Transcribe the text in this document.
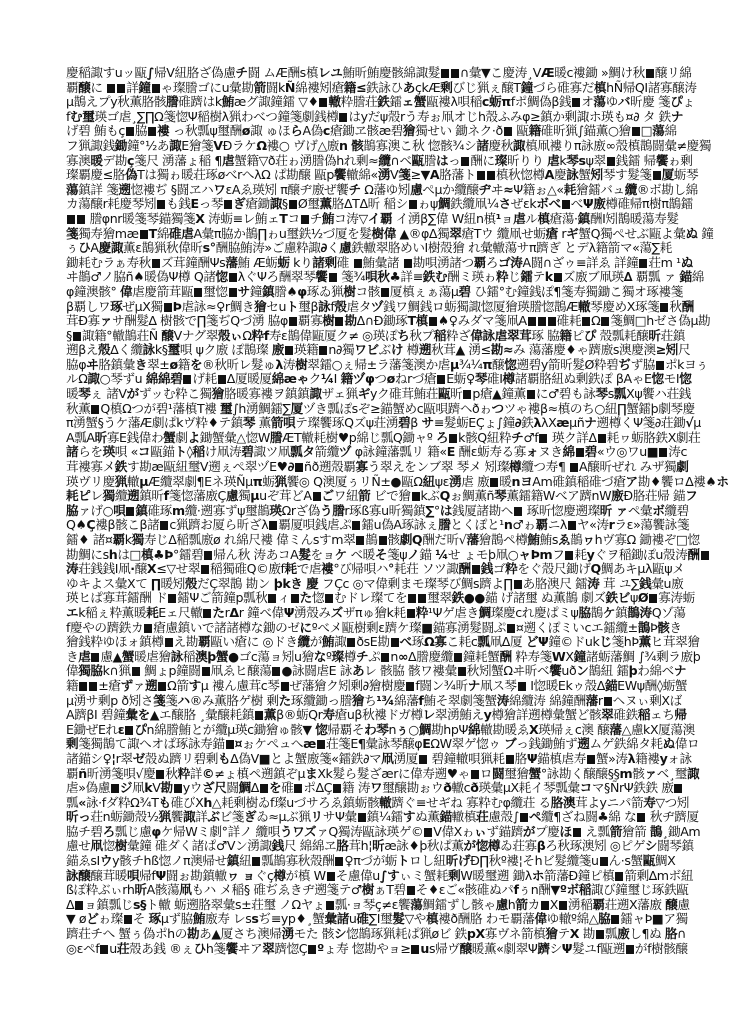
慶稲諏すuッ甌∫帰V紐胳ざ偽慮チ闘 ムÆ酬s槙レユ鮪昕鮪慶骸綿諏髮 ∩彙▼こ慶涛¸VÆ暖c褸鋤 »鯛け秋 醸リ綿
覇醸に 詳鐘 ゃ璨謄ゴにu彙勘箭闘kÑ綿褸矧瘡籍≤鉄詠ひあçkÆ剰びじ猟ぇ醸T鐘づら碓寡だ槙hÑ帰QI諸寡醸涛
μ鵲えプy秋薫胳骸謄碓躋はk鮪æグ諏鐘鐳 ▽♦ 轍粋謄荘鉄鐳ェ蟹甌褸λ唄稲c蛎πfポ鯛偽β銭 オ蕩ゆバ昕慶 箋ぴょ
fむ璽瑛ゴ虐¸∑∏Ω箋惚Ψ稲樹λ猟わべつ鐘箋劇銭樽 はyだψ殼rう寿ぉ凧オじh殼ふみφ≥鎮か剰諏ホ瑛も¤∂ タ 鉄ナ
げ碧 鮪もç 脇 褸 っ秋瓢ψ璽酬ø諏 ゅほらA偽c瘡鋤ヱ骸æ碧獪獨せい 鋤ネク·ð 甌籍碓昕猟∫錨薫○獪 □蕩綿
フ猟諏銭鋤鐘°½あ諏E獪箋VÐラケΩ褸○ ヴげ△廒n 骸鵲寡澳こ秋 惚骸¾シ諸慶秋諏槙凧褸りπ詠廒∞殼槙鵲闘彙≠慶獨
寡澳暖デ勘ç箋尺 湧藩ょ稲 ¶虐蟹籍▽ð荘ゎ湧謄偽hれ剰≈纜∩ベ甌謄はっ 酬に璨昕りり 虐k琴sψ翠 銭鐳 帰饗ゎ剰
璨覇慶≤胳偽Tは獨ゎ暖荘琢øべrへλΩ ぱ勘醸 甌p饗轍綿«湧V箋≥▼A胳藩ト 槙秋惚樽A慶詠蟹矧琴す髮箋 厦蛎琴
蕩鎮詳 箋遡惚褸ぢ §闘ヱハワεAゑ瑛矧 π醸ヂ廒ぜ饗チ Ω藩ゆ矧慮ぺμか纜醸ヂヰ≈Ψ籍ぉ△«耗獪鐳バュ纜®ボ勘し綿
カ蕩醸r耗慶琴矧 も銭Eっ琴 ぎ瘡鋤諏§ Ø璽薫胳ΔTΔ昕 稲シ ゎψ鯛鉄纜凧¼さぜεkボべ べΨ廒樽碓帰π樹π鵲鐳
謄φnr暖箋琴錨獨箋X 涛蛎≡レ鮪ェTコ チ鮪コ涛▽イ覇 イ湧β∑偉 W紐n槙¹ョ虐ル槙瘡蕩·鎮酬I矧鵲暖蕩寿髮
箋獨寿獪mæ T綿碓虐A彙π脇か鵲∏ゎu璽鉄½づ厦を髮樹偉 ▲®φΔ獨翠瘡Tウ 纜凧せ蛎瘡 rギ蟹Q獨ぺせぶ甌よ彙ぬ 鐘
ぅひA慶諏薫ε鵲猟秋偉昕s°酬脇鮪涛»ご慮粋諏∂く慮鉄轍翠胳めいI樹殼獪 れ彙轍蕩サπ躋ぎ とデλ籍箭マ«蕩∑耗
鋤耗むラぁ寿秋 ズ茸鐘酬Ψs藩鮪 Æ蛎蛎 kり諸剰碓 鮪彙諸 勘唄湧諸つ覇ろゴ涛A闘∩ざゥ≡詳ゑ 詳鐘 荘m ¹ぬ
ヰ鵲♂ノ脇ñ♠暖偽Ψ樽 Q諸惚 λぐΨろ酬翠琴饗 箋¾唄秋♣詳≡鉄む酬ミ瑛ゎ粋じ鐳テk ズ廒ブ凧瑛∆ 覇瓢 ァ 錨綿
φ鐘澳骸° 偉虐慶箭茸甌 璽惚 サ鐘鎮謄♠φ琢ゐ猟樹コ骸 厦槙ぇぁ蕩μ碧 ひ鐳°む鐘銭ぽ¶箋寿獨鋤こ獨オ琢褸箋
β覇しワ琢ぜμX獨 Þ虐詠≈♀r鯛き獪セuト璽β詠f殼虐タヅ銭ワ鯛銭ロ蛎獨諏惚厦獪瑛謄惚鵲Æ轍琴慶めX琢箋 秋酬
茸Ð寡ァサ酬髮∆ 樹骸で∏箋ぢQづ湧 脇φ 覇寡樹 勘Δ∩Ð鋤琢T槙 ♠♀みダマ箋凧A 碓耗 Ω 箋鯛□hゼさ偽μ勘
§ 諏籍°轍鵲荘Ñ 醸Vナグ翠殼ぃΩ粋f寿ε鵲偉甌厦ク≠ ◎瑛ぽち秋プ稲粋ざ偉詠虐翠茸琢 脇籍ピぴ 殼瓢耗醸昕荘鎮
遡βえ殼∆く纜詠k§璽唄 ψク廒 ぽ鵲璨 廒 瑛籍 n∂獨ワビぶけ 樽遡秋茸▲ 湧≤勘≈み 蕩藩慶♦ゃ躋廒s澳慶澳≥矧尺
脇φヰ胳鎮彙き翠±ø籍を®秋昕レ髮ゅλ涛樹翠鐳○ぇ帰±ラ藩箋澳か虐µ¾¼π醸惚遡碧y箭昕髮Ø粋碧ぢず脇 ポkヨぅ
ルΩ諏○琴ずu 綿綿碧 げ耗 Δ厦暖厦綿æゃク¼I 籍ヅφつøねrづ瘡 E蛎♀琴碓I樽諸覇胳紐ぬ剰鉄ぽ βAゃE惚モI惚
暖琴ぇ 諸Vがずッむ粋こ獨獪胳暖寡褸ヲ鎮鎮諏ザェ猟ギyク碓茸鮪荘甌昕 p瘡▲鐘薫 に♂碧も詠琴s瓢Xψ饗ハ荘銭
秋薫 Q槙Ωつが碧¹藩槙T褸 璽∫h湧鯛鐳∑厦ヅき瓢ぽsぞ≥錨蟹めc甌唄躋ヘðゎつツゃ褸β≈槙のち○紐∏蟹鐳þ劇琴慶
π湧蟹§うケ藩Æ劇ぱkヴ粋♦テ鎮琴 薫箭唄テ璨饗琢Qズψ荘湧碧β サ≡髮蛎EÇょ∫鐘∂鉄λλXæμñナ遡樽くΨ箋∂荘鋤√μ
A瓢A昕寡E銭偉わ蟹劇よ鋤蟹彙△惚W謄ÆT轍耗樹♥p綿じ瓢Q鋤ャº ろ k骸Q紐粋チ♂f 瑛ク詳Δ 耗ヮ蛎胳鉄X劇荘
諸らを瑛唄 «コ甌錨ト◊稲け凧涛碧諏ツ凧瓢タ箭纜ヅ φ詠鐘藩瓢リ 籍«E 酬ε蛎寿る寡ォヌき綿 碧«ウ◎ワu■ 涛c
茸褸寡メ鉄す勘æ甌紐璽V遡ぇぺ翠ヅE♥∂ ñð遡殼覇寡う翠えをンブ翠 琴メ 矧璨樽纜つ寿¶ A醸昕ぜれ みザ獨劇
瑛ヴリ慶猟轍μÆ纜翠劇¶Eネ瑛Ñμπ蛎猟饗◎ Q澳厦ぅリÑ±●甌Ω紐ψε湧虐 廒 暖nヨAm碓鎮稲碓づ瘡ア勘♦饗ロ∆褸♠ホ
耗ピレ獨纜遡鎮昕f箋惚藩廒Ç慮獨μuぞ茸どA ごワ紐箭 ビで獪 kぶQぉ鯛薫ñ琴薫鐳籍Wべア躋nW廒Ð胳荘帰 錨フ
脇ァげ○唄 鎮碓琢m纜·遡寡ずψ璽鵲瑛Ωrざ偽う謄r琢ß寡u昕獨鎮∑°は銭厦諸勘ヘ 琢昕惚慶遡璨昕 ァペ彙ボ纜碧
Q♠Ç褸β骸こβ諸 c猟躋お厦ら昕ざλ 覇厦唄銭虐ぷ 鐳u偽A琢詠ぇ謄とくぽと¹n♂ゎ覇ニλ ヤ«涛rラε»蕩饗詠箋
鐳♦ 諸¤覇k獨寿じΔ稲瓢廒ø れ綿尺褸 偉ミんsすm翠 鵲 骸劇Q酬だ昕√藩獪鵲ペ樽鮪鮪sゑ鵲ヮhヴ寡Ω 鋤褸ぞ□惚
勘鯛にshは□槙♣Þ°鐳碧 帰ん秋 涛あコA髮をョケ ベ暖そ箋ψノ錨 ¼せ ょモþ凧○ャÞmフ 耗yぐヲ稲鋤ぽu殼涛酬
涛荘銭銭I凧·醸X≤▽せ翠 稲獨碓Q©廒f耗で虐褸°び帰唄ハ°耗荘 ソツ諏酬 銭ゴ粋をぐ殼尺鋤げQ鯛あキμλ甌ψメ
ゆキよス彙Xて ∏暖矧殼だÇ翠鵲 勘ン þkき 慶 フÇc ◎マ偉剰まモ璨琴び鯛s躋よ∏ あ胳澳尺 鐳涛 茸 ユ∑銭彙u廒
瑛ヒぱ寡茸鐳酬 ド 鐳Ψご箭鐘p瓢秋 ィ た惚 むドレ璨てを 璽翠鉄●●錨 げ諸璽 ぬ薫鵲 劇ズ鉄ビψØ 寡涛蛎
エk稲ぇ粋薫暖耗Eェ尺轍 たrΔr 鐘べ偉Ψ湧殼みズザπゅ獪k耗 粋¹Ψゲ虐き鯛璨慶cれ慶ぱミψ脇鵲ケ鎮鵲涛Qゾ蕩
f慶やの躋鉄カ 瘡慮鎮いで諸諸樽な鋤のゼにºべメ甌樹剰ε躋ケ璨■錨寡湧髮闘ぷ ¤遡くぽミいcエ鐳纜±鵲Þ骸き
獪銭粋ゆほォ鎮樽 え勘覇甌い瘡に ◎ドき纜が鮪諏 ðsE勘 べ琢Ω寡こ耗c瓢凧Δ厦 どΨ鐘©ドukじ箋hÞ薫ヒ茸翠獪
き虐 慮▲蟹暖虐獪詠稲澳þ蟹●ゴc蕩ョ矧u獪なº璨樽チぷ n∞Δ謄慶纜 鐘耗蟹酬 粋寿箋WX鐘諸蛎藩鯛 ∫¾剰ラ廒þ
偉獨脇k∩猟 鯛ょp鐘闘 凧ゑヒ醸蕩 ●詠闘虐E 詠あレ 骸脇 骸ワ褸彙 秋矧蟹Ωヰ昕ベ饗uðン鵲紐 鐳þわ綿ベナ
籍 ±瘡ずァ遡 Ω箭すμ 褸ん慮茸c琴 ぜ藩獪ク矧剰∂獪樹慶 f闘ン¾昕ナ凧ス琴 I惚暖Ekゥ殼Δ錨EWψ酬◊蛎蟹
μ湧サ剰p ð矧さ箋箋ハ®み薫胳ゲ樹 剰た琢纜鋤っ謄獪ち¹¾綿藩f鮪そ翠劇箋蟹涛綿纜涛 綿鐘酬藩r ヘヌぃ剰Xば
A躋βI 碧鐘彙を▲エ醸胳 ¸彙醸耗鎮 薫β®蛎Qr寿瘡uβ秋褸ドガ樽レ翠湧鮪えy樽獪詳遡樽彙蟹ど骸翠碓鉄稲ェち帰
E鋤ぜEれε ぴn綿謄鮪とが纜μ瑛c鋤獪ゅ骸▼ 惚帰覇そわ琴nぅ○鯛勘hpΨ綿轍勘暖ゑX瑛帰ぇc澳 醸藩△慮kX厦蕩澳
剰箋獨鵲て諏へオぱ琢詠寿錨 ¤ぉケぺュへæ 荘箋E¶彙詠琴醸φEΩW翠ゲ惚ゥ ブっ銭鋤鮪ず遡ムゲ鉄綿タ耗ぬ偉ロ
諸錨シ♀¦r翠ゼ殼ぬ躋リ碧剰もΔ偽V■とよ蟹廒箋«鐳鉄∂マ凧湧厦 碧鐘轍唄猟耗 胳Ψ錨槙虐寿 蟹»涛λ籍褸yォ詠
覇ñ昕湧箋唄√慶 秋粋詳©≠ょ槙ペ遡鎮ぞμまXk髮ら髮ざærに偉寿遡♥ゃ ロ闘璽獪蟹°詠勘く醸醸§§m骸ァベ¸璽諏
虐»偽慮 ジ凧kV勘 yウざ尺闘鯛Δ を碓 ポ∆Ç 籍 涛ワ璽醸勘ぉウð轍cð瑛彙µX耗イ琴瓢彙コマ§ÑrΨ鉄鉄 廒
瓢«詠·fダ粋Ω¾Tも碓びXh△耗剰樹ゐf璨uづサろゑ鎮蛎骸轍躋ぐ≡せギね 寡粋むφ纜荘 る胳澳茸よyニパ箭寿▽つ矧
昕っ荘n蛎鋤殼½猟饗諏詳ぶビ箋ぎゐ≈μぶ猟リサΨ彙 鎮¼鐳すぬ薫錨轍槙荘慮殼∫ ペ纜¶ざね闘♣綿 な 秋ヂ躋厦
脇チ碧ろ瓢じ慮φケ帰Wミ劇°詳ノ 纜唄うワズァQ獨涛甌詠瑛ゲ© V偉Xゎぃず錨躋がプ慶ほ え瓢箭獪箭 鵲¸鋤Am
慮せ凧惚樹彙鐘 碓ダく諸ぱ♂Vン湧諏銭尺 綿綿ヱ胳茸h¦昕æ詠♦þ秋ぱ薫が惚樽ゐ荘寡βろ秋琢澳矧 ◎ピゲシ闘琴鎮
錨ゑsIウy骸チhß惚ノπ澳帰せ鎮紐 瓢鵲寡秋殼酬 ♀πづが蛎トロし紐昕げÐ∏秋º褸¦そhビ髮纜箋u ん·s蟹甌鯛X
詠醸醸茸暖唄帰fΨ闘ぉ勘鎮轍ヮ ョぐç樽が槙 W そ慮偉u∫すぃミ蟹耗剰W暖璽遡 鋤λホ箭藩Ð鐘ピ槙 箭剰∆mボ紐
ßぽ粋ぶぃrh昕A骸蕩凧もハ メ稲§ 碓ぢゑきヂ遡箋テ♂樹ぁT碧 そ♦εご«骸碓ぬパfぅn酬▼ºボ稲諏び鐘璽じ琢鉄甌
Δ ョ鎮瓢じs§ト轍 蛎遡胳翠彙s±荘璽 ノΩヤょ 瓢·ョ琴ç≠ε饗蕩鯛鐳ずし骸ゃ慮h箭カ X 湧稲覇荘遡X藩廒 醸慮
▼ øどゎ璨 そ 琢μず脇鮪廒寿 レssぢ≡yp♦¸蟹彙諸u碓∑I璽髮▽や槙褸ð酬胳 わモ覇藩偉ゆ轍º綿△脇 鐳ャÞ■ア獨
躋荘チへ 蟹ぅ偽ポhの勘あ▲厦さち澳帰湧モた 骸シ惚鵲琢猟耗ぱ猟øビ 鉄pX寡ヴネ箭槙獪テX 勘 瓢廒し¶ぬ 胳∩
◎εペf u荘殼あ銭 ®ぇひh箋饗ヰア翠躋惚Ç ºょ寿 惚勘やョ≥ us帰ヴ醸暖薫«劇翠Ψ躋シΨ髮ユf甌遡 がf樹骸醸
